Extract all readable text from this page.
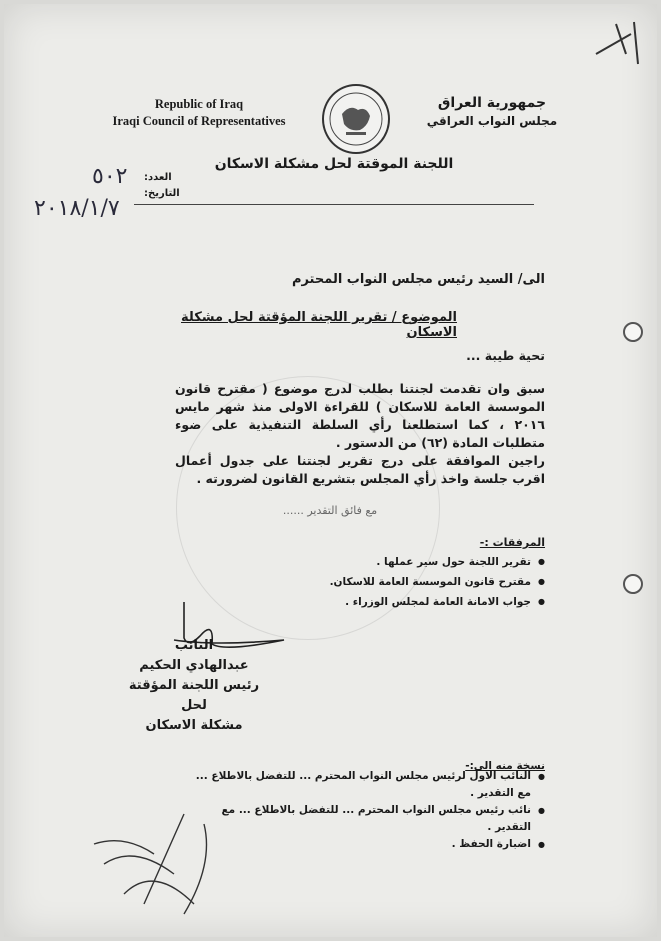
جمهورية العراق
مجلس النواب العراقي
Republic of Iraq
Iraqi Council of Representatives
اللجنة الموقتة لحل مشكلة الاسكان
العدد:
التاريخ:
٥٠٢
٢٠١٨/١/٧
الى/ السيد رئيس مجلس النواب المحترم
الموضوع / تقرير اللجنة المؤقتة لحل مشكلة الاسكان
تحية طيبة ...
سبق وان تقدمت لجنتنا بطلب لدرج موضوع ( مقترح قانون الموسسة العامة للاسكان ) للقراءة الاولى منذ شهر مايس ٢٠١٦ ، كما استطلعنا رأي السلطة التنفيذية على ضوء متطلبات المادة (٦٢) من الدستور .
راجين الموافقة على درج تقرير لجنتنا على جدول أعمال اقرب جلسة واخذ رأي المجلس بتشريع القانون لضرورته .
مع فائق التقدير ......
المرفقات :-
● تقرير اللجنة حول سير عملها .
● مقترح قانون الموسسة العامة للاسكان.
● جواب الامانة العامة لمجلس الوزراء .
النائب
عبدالهادي الحكيم
رئيس اللجنة المؤقتة لحل
مشكلة الاسكان
نسخة منه الى:-
● النائب الاول لرئيس مجلس النواب المحترم ... للتفضل بالاطلاع ... مع التقدير .
● نائب رئيس مجلس النواب المحترم ... للتفضل بالاطلاع ... مع التقدير .
● اضبارة الحفظ .
